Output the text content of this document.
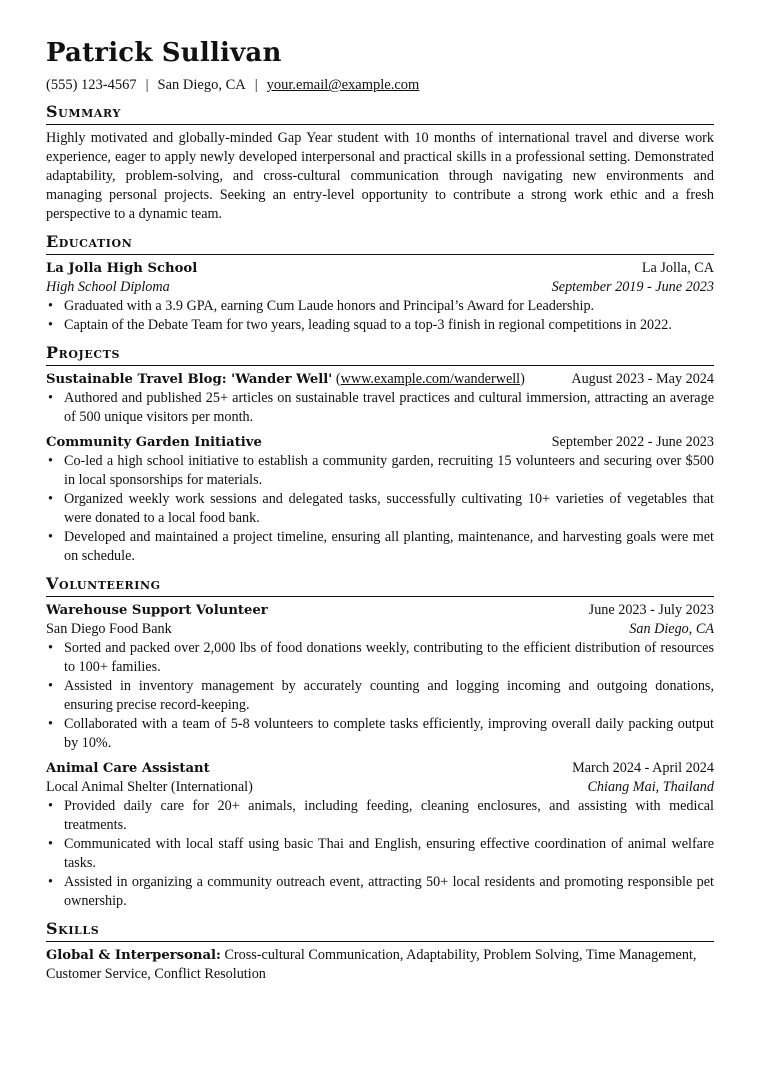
Patrick Sullivan
(555) 123-4567 | San Diego, CA | your.email@example.com
Summary

Highly motivated and globally-minded Gap Year student with 10 months of international travel and diverse work experience, eager to apply newly developed interpersonal and practical skills in a professional setting. Demonstrated adaptability, problem-solving, and cross-cultural communication through navigating new environments and managing personal projects. Seeking an entry-level opportunity to contribute a strong work ethic and a fresh perspective to a dynamic team.

Education
La Jolla High School	La Jolla, CA
High School Diploma	September 2019 - June 2023
• Graduated with a 3.9 GPA, earning Cum Laude honors and Principal’s Award for Leadership.
• Captain of the Debate Team for two years, leading squad to a top-3 finish in regional competitions in 2022.
Projects
Sustainable Travel Blog: 'Wander Well' (www.example.com/wanderwell)	August 2023 - May 2024
• Authored and published 25+ articles on sustainable travel practices and cultural immersion, attracting an average of 500 unique visitors per month.
Community Garden Initiative	September 2022 - June 2023
• Co-led a high school initiative to establish a community garden, recruiting 15 volunteers and securing over $500 in local sponsorships for materials.
• Organized weekly work sessions and delegated tasks, successfully cultivating 10+ varieties of vegetables that were donated to a local food bank.
• Developed and maintained a project timeline, ensuring all planting, maintenance, and harvesting goals were met on schedule.
Volunteering
Warehouse Support Volunteer	June 2023 - July 2023
San Diego Food Bank	San Diego, CA
• Sorted and packed over 2,000 lbs of food donations weekly, contributing to the efficient distribution of resources to 100+ families.
• Assisted in inventory management by accurately counting and logging incoming and outgoing donations, ensuring precise record-keeping.
• Collaborated with a team of 5-8 volunteers to complete tasks efficiently, improving overall daily packing output by 10%.
Animal Care Assistant	March 2024 - April 2024
Local Animal Shelter (International)	Chiang Mai, Thailand
• Provided daily care for 20+ animals, including feeding, cleaning enclosures, and assisting with medical treatments.
• Communicated with local staff using basic Thai and English, ensuring effective coordination of animal welfare tasks.
• Assisted in organizing a community outreach event, attracting 50+ local residents and promoting responsible pet ownership.
Skills
Global & Interpersonal: Cross-cultural Communication, Adaptability, Problem Solving, Time Management, Customer Service, Conflict Resolution
